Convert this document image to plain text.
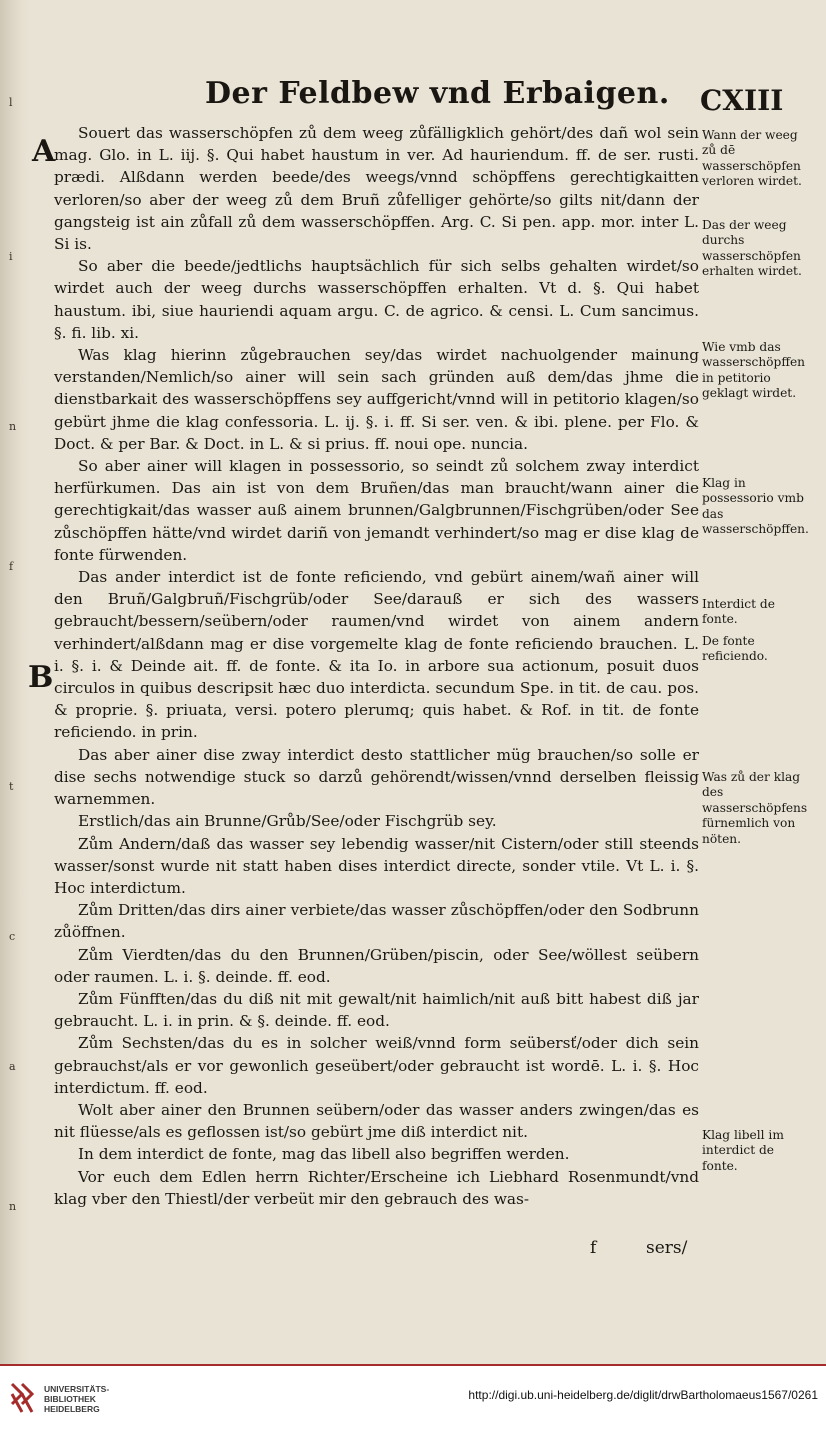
l
i
n
f
t
c
a
n
Der Feldbew vnd Erbaigen. CXIII
A
B

Souert das wasserschöpfen zů dem weeg zůfälligklich gehört/des dañ wol sein mag. Glo. in L. iij. §. Qui habet haustum in ver. Ad hauriendum. ff. de ser. rusti. prædi. Alßdann werden beede/des weegs/vnnd schöpffens gerechtigkaitten verloren/so aber der weeg zů dem Bruñ zůfelliger gehörte/so gilts nit/dann der gangsteig ist ain zůfall zů dem wasserschöpffen. Arg. C. Si pen. app. mor. inter L. Si is.

So aber die beede/jedtlichs hauptsächlich für sich selbs gehalten wirdet/so wirdet auch der weeg durchs wasserschöpffen erhalten. Vt d. §. Qui habet haustum. ibi, siue hauriendi aquam argu. C. de agrico. & censi. L. Cum sancimus. §. fi. lib. xi.

Was klag hierinn zůgebrauchen sey/das wirdet nachuolgender mainung verstanden/Nemlich/so ainer will sein sach gründen auß dem/das jhme die dienstbarkait des wasserschöpffens sey auffgericht/vnnd will in petitorio klagen/so gebürt jhme die klag confessoria. L. ij. §. i. ff. Si ser. ven. & ibi. plene. per Flo. & Doct. & per Bar. & Doct. in L. & si prius. ff. noui ope. nuncia.

So aber ainer will klagen in possessorio, so seindt zů solchem zway interdict herfürkumen. Das ain ist von dem Bruñen/das man braucht/wann ainer die gerechtigkait/das wasser auß ainem brunnen/Galgbrunnen/Fischgrüben/oder See zůschöpffen hätte/vnd wirdet dariñ von jemandt verhindert/so mag er dise klag de fonte fürwenden.

Das ander interdict ist de fonte reficiendo, vnd gebürt ainem/wañ ainer will den Bruñ/Galgbruñ/Fischgrüb/oder See/darauß er sich des wassers gebraucht/bessern/seübern/oder raumen/vnd wirdet von ainem andern verhindert/alßdann mag er dise vorgemelte klag de fonte reficiendo brauchen. L. i. §. i. & Deinde ait. ff. de fonte. & ita Io. in arbore sua actionum, posuit duos circulos in quibus descripsit hæc duo interdicta. secundum Spe. in tit. de cau. pos. & proprie. §. priuata, versi. potero plerumq; quis habet. & Rof. in tit. de fonte reficiendo. in prin.

Das aber ainer dise zway interdict desto stattlicher müg brauchen/so solle er dise sechs notwendige stuck so darzů gehörendt/wissen/vnnd derselben fleissig warnemmen.

Erstlich/das ain Brunne/Grůb/See/oder Fischgrüb sey.

Zům Andern/daß das wasser sey lebendig wasser/nit Cistern/oder still steends wasser/sonst wurde nit statt haben dises interdict directe, sonder vtile. Vt L. i. §. Hoc interdictum.

Zům Dritten/das dirs ainer verbiete/das wasser zůschöpffen/oder den Sodbrunn zůöffnen.

Zům Vierdten/das du den Brunnen/Grüben/piscin, oder See/wöllest seübern oder raumen. L. i. §. deinde. ff. eod.

Zům Fünfften/das du diß nit mit gewalt/nit haimlich/nit auß bitt habest diß jar gebraucht. L. i. in prin. & §. deinde. ff. eod.

Zům Sechsten/das du es in solcher weiß/vnnd form seübersť/oder dich sein gebrauchst/als er vor gewonlich geseübert/oder gebraucht ist wordē. L. i. §. Hoc interdictum. ff. eod.

Wolt aber ainer den Brunnen seübern/oder das wasser anders zwingen/das es nit flüesse/als es geflossen ist/so gebürt jme diß interdict nit.

In dem interdict de fonte, mag das libell also begriffen werden.

Vor euch dem Edlen herrn Richter/Erscheine ich Liebhard Rosenmundt/vnd klag vber den Thiestl/der verbeüt mir den gebrauch des was-

Wann der weeg zů dē wasserschöpfen verloren wirdet.
Das der weeg durchs wasserschöpfen erhalten wirdet.
Wie vmb das wasserschöpffen in petitorio geklagt wirdet.
Klag in possessorio vmb das wasserschöpffen.
Interdict de fonte.
De fonte reficiendo.
Was zů der klag des wasserschöpfens fürnemlich von nöten.
Klag libell im interdict de fonte.
f	sers/
UNIVERSITÄTS-
BIBLIOTHEK
HEIDELBERG
http://digi.ub.uni-heidelberg.de/diglit/drwBartholomaeus1567/0261
